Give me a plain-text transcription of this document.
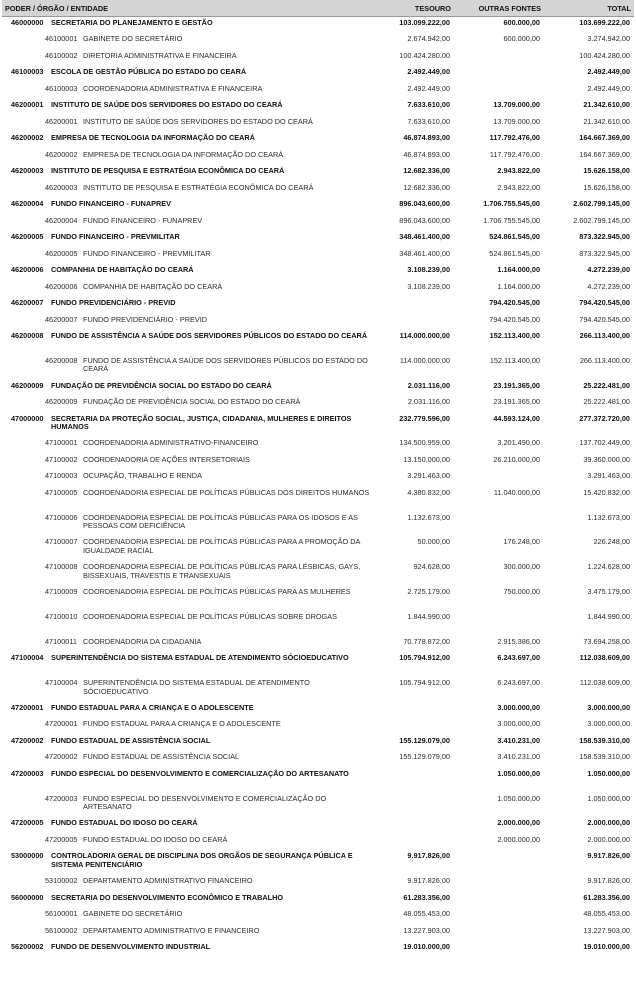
PODER / ÓRGÃO / ENTIDADE	TESOURO	OUTRAS FONTES	TOTAL

46000000 SECRETARIA DO PLANEJAMENTO E GESTÃO	103.099.222,00	600.000,00	103.699.222,00

46100001 GABINETE DO SECRETÁRIO	2.674.942,00	600.000,00	3.274.942,00

46100002 DIRETORIA ADMINISTRATIVA E FINANCEIRA	100.424.280,00		100.424.280,00

46100003 ESCOLA DE GESTÃO PÚBLICA DO ESTADO DO CEARÁ	2.492.449,00		2.492.449,00

46100003 COORDENADORIA ADMINISTRATIVA E FINANCEIRA	2.492.449,00		2.492.449,00

46200001 INSTITUTO DE SAÚDE DOS SERVIDORES DO ESTADO DO CEARÁ	7.633.610,00	13.709.000,00	21.342.610,00

46200001 INSTITUTO DE SAÚDE DOS SERVIDORES DO ESTADO DO CEARÁ	7.633.610,00	13.709.000,00	21.342.610,00

46200002 EMPRESA DE TECNOLOGIA DA INFORMAÇÃO DO CEARÁ	46.874.893,00	117.792.476,00	164.667.369,00

46200002 EMPRESA DE TECNOLOGIA DA INFORMAÇÃO DO CEARÁ	46.874.893,00	117.792.476,00	164.667.369,00

46200003 INSTITUTO DE PESQUISA E ESTRATÉGIA ECONÔMICA DO CEARÁ	12.682.336,00	2.943.822,00	15.626.158,00

46200003 INSTITUTO DE PESQUISA E ESTRATÉGIA ECONÔMICA DO CEARÁ	12.682.336,00	2.943.822,00	15.626.158,00

46200004 FUNDO FINANCEIRO - FUNAPREV	896.043.600,00	1.706.755.545,00	2.602.799.145,00

46200004 FUNDO FINANCEIRO - FUNAPREV	896.043.600,00	1.706.755.545,00	2.602.799.145,00

46200005 FUNDO FINANCEIRO - PREVMILITAR	348.461.400,00	524.861.545,00	873.322.945,00

46200005 FUNDO FINANCEIRO - PREVMILITAR	348.461.400,00	524.861.545,00	873.322.945,00

46200006 COMPANHIA DE HABITAÇÃO DO CEARÁ	3.108.239,00	1.164.000,00	4.272.239,00

46200006 COMPANHIA DE HABITAÇÃO DO CEARÁ	3.108.239,00	1.164.000,00	4.272.239,00

46200007 FUNDO PREVIDENCIÁRIO - PREVID		794.420.545,00	794.420.545,00

46200007 FUNDO PREVIDENCIÁRIO - PREVID		794.420.545,00	794.420.545,00

46200008 FUNDO DE ASSISTÊNCIA A SAÚDE DOS SERVIDORES PÚBLICOS DO ESTADO DO CEARÁ	114.000.000,00	152.113.400,00	266.113.400,00

46200008 FUNDO DE ASSISTÊNCIA A SAÚDE DOS SERVIDORES PÚBLICOS DO ESTADO DO CEARÁ	114.000.000,00	152.113.400,00	266.113.400,00

46200009 FUNDAÇÃO DE PREVIDÊNCIA SOCIAL DO ESTADO DO CEARÁ	2.031.116,00	23.191.365,00	25.222.481,00

46200009 FUNDAÇÃO DE PREVIDÊNCIA SOCIAL DO ESTADO DO CEARÁ	2.031.116,00	23.191.365,00	25.222.481,00

47000000 SECRETARIA DA PROTEÇÃO SOCIAL, JUSTIÇA, CIDADANIA, MULHERES E DIREITOS HUMANOS	232.779.596,00	44.593.124,00	277.372.720,00

47100001 COORDENADORIA ADMINISTRATIVO-FINANCEIRO	134.500.959,00	3.201.490,00	137.702.449,00

47100002 COORDENADORIA DE AÇÕES INTERSETORIAIS	13.150.000,00	26.210.000,00	39.360.000,00

47100003 OCUPAÇÃO, TRABALHO E RENDA	3.291.463,00		3.291.463,00

47100005 COORDENADORIA ESPECIAL DE POLÍTICAS PÚBLICAS DOS DIREITOS HUMANOS	4.380.832,00	11.040.000,00	15.420.832,00

47100006 COORDENADORIA ESPECIAL DE POLÍTICAS PÚBLICAS PARA OS IDOSOS E AS PESSOAS COM DEFICIÊNCIA	1.132.673,00		1.132.673,00

47100007 COORDENADORIA ESPECIAL DE POLÍTICAS PÚBLICAS PARA A PROMOÇÃO DA IGUALDADE RACIAL	50.000,00	176.248,00	226.248,00

47100008 COORDENADORIA ESPECIAL DE POLÍTICAS PÚBLICAS PARA LÉSBICAS, GAYS, BISSEXUAIS, TRAVESTIS E TRANSEXUAIS	924.628,00	300.000,00	1.224.628,00

47100009 COORDENADORIA ESPECIAL DE POLÍTICAS PÚBLICAS PARA AS MULHERES	2.725.179,00	750.000,00	3.475.179,00

47100010 COORDENADORIA ESPECIAL DE POLÍTICAS PÚBLICAS SOBRE DROGAS	1.844.990,00		1.844.990,00

47100011 COORDENADORIA DA CIDADANIA	70.778.872,00	2.915.386,00	73.694.258,00

47100004 SUPERINTENDÊNCIA DO SISTEMA ESTADUAL DE ATENDIMENTO SÓCIOEDUCATIVO	105.794.912,00	6.243.697,00	112.038.609,00

47100004 SUPERINTENDÊNCIA DO SISTEMA ESTADUAL DE ATENDIMENTO SÓCIOEDUCATIVO	105.794.912,00	6.243.697,00	112.038.609,00

47200001 FUNDO ESTADUAL PARA A CRIANÇA E O ADOLESCENTE		3.000.000,00	3.000.000,00

47200001 FUNDO ESTADUAL PARA A CRIANÇA E O ADOLESCENTE		3.000.000,00	3.000.000,00

47200002 FUNDO ESTADUAL DE ASSISTÊNCIA SOCIAL	155.129.079,00	3.410.231,00	158.539.310,00

47200002 FUNDO ESTADUAL DE ASSISTÊNCIA SOCIAL	155.129.079,00	3.410.231,00	158.539.310,00

47200003 FUNDO ESPECIAL DO DESENVOLVIMENTO E COMERCIALIZAÇÃO DO ARTESANATO		1.050.000,00	1.050.000,00

47200003 FUNDO ESPECIAL DO DESENVOLVIMENTO E COMERCIALIZAÇÃO DO ARTESANATO		1.050.000,00	1.050.000,00

47200005 FUNDO ESTADUAL DO IDOSO DO CEARÁ		2.000.000,00	2.000.000,00

47200005 FUNDO ESTADUAL DO IDOSO DO CEARÁ		2.000.000,00	2.000.000,00

53000000 CONTROLADORIA GERAL DE DISCIPLINA DOS ORGÃOS DE SEGURANÇA PÚBLICA E SISTEMA PENITENCIÁRIO	9.917.826,00		9.917.826,00

53100002 DEPARTAMENTO ADMINISTRATIVO FINANCEIRO	9.917.826,00		9.917.826,00

56000000 SECRETARIA DO DESENVOLVIMENTO ECONÔMICO E TRABALHO	61.283.356,00		61.283.356,00

56100001 GABINETE DO SECRETÁRIO	48.055.453,00		48.055.453,00

56100002 DEPARTAMENTO ADMINISTRATIVO E FINANCEIRO	13.227.903,00		13.227.903,00

56200002 FUNDO DE DESENVOLVIMENTO INDUSTRIAL	19.010.000,00		19.010.000,00
